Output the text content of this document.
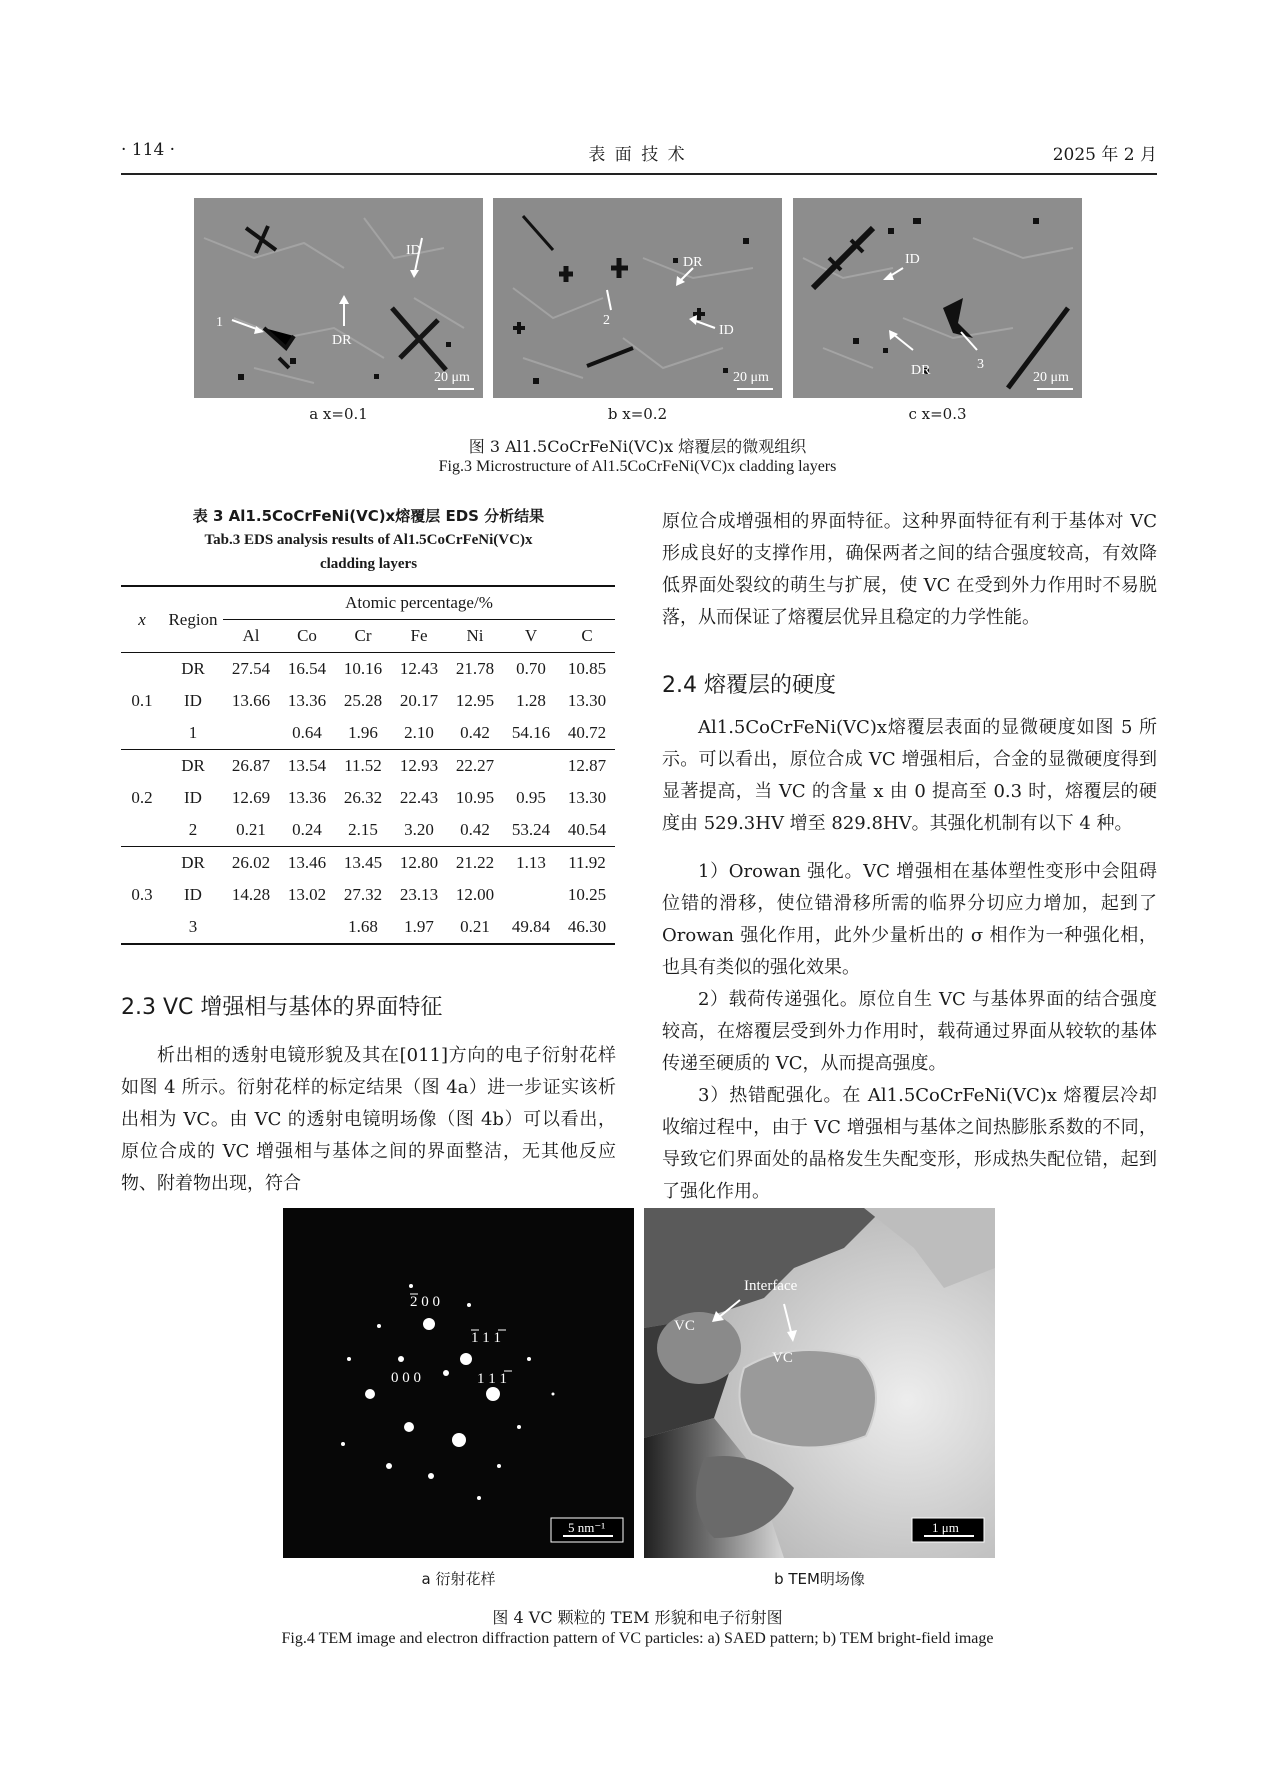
· 114 ·	表 面 技 术	2025 年 2 月
ID
1
DR
20 μm
DR
2
ID
20 μm
ID
DR	3
20 μm
a x=0.1	b x=0.2	c x=0.3
图 3 Al1.5CoCrFeNi(VC)x 熔覆层的微观组织
Fig.3 Microstructure of Al1.5CoCrFeNi(VC)x cladding layers
表 3 Al1.5CoCrFeNi(VC)x熔覆层 EDS 分析结果
Tab.3 EDS analysis results of Al1.5CoCrFeNi(VC)x
cladding layers
x	Region	Atomic percentage/%						
		Al	Co	Cr	Fe	Ni	V	C
0.1	DR	27.54	16.54	10.16	12.43	21.78	0.70	10.85
	ID	13.66	13.36	25.28	20.17	12.95	1.28	13.30
	1		0.64	1.96	2.10	0.42	54.16	40.72
0.2	DR	26.87	13.54	11.52	12.93	22.27		12.87
	ID	12.69	13.36	26.32	22.43	10.95	0.95	13.30
	2	0.21	0.24	2.15	3.20	0.42	53.24	40.54
0.3	DR	26.02	13.46	13.45	12.80	21.22	1.13	11.92
	ID	14.28	13.02	27.32	23.13	12.00		10.25
	3			1.68	1.97	0.21	49.84	46.30
2.3 VC 增强相与基体的界面特征
析出相的透射电镜形貌及其在[011]方向的电子衍射花样如图 4 所示。衍射花样的标定结果（图 4a）进一步证实该析出相为 VC。由 VC 的透射电镜明场像（图 4b）可以看出，原位合成的 VC 增强相与基体之间的界面整洁，无其他反应物、附着物出现，符合
原位合成增强相的界面特征。这种界面特征有利于基体对 VC 形成良好的支撑作用，确保两者之间的结合强度较高，有效降低界面处裂纹的萌生与扩展，使 VC 在受到外力作用时不易脱落，从而保证了熔覆层优异且稳定的力学性能。
2.4 熔覆层的硬度
Al1.5CoCrFeNi(VC)x熔覆层表面的显微硬度如图 5 所示。可以看出，原位合成 VC 增强相后，合金的显微硬度得到显著提高，当 VC 的含量 x 由 0 提高至 0.3 时，熔覆层的硬度由 529.3HV 增至 829.8HV。其强化机制有以下 4 种。
1）Orowan 强化。VC 增强相在基体塑性变形中会阻碍位错的滑移，使位错滑移所需的临界分切应力增加，起到了 Orowan 强化作用，此外少量析出的 σ 相作为一种强化相，也具有类似的强化效果。
2）载荷传递强化。原位自生 VC 与基体界面的结合强度较高，在熔覆层受到外力作用时，载荷通过界面从较软的基体传递至硬质的 VC，从而提高强度。
3）热错配强化。在 Al1.5CoCrFeNi(VC)x 熔覆层冷却收缩过程中，由于 VC 增强相与基体之间热膨胀系数的不同，导致它们界面处的晶格发生失配变形，形成热失配位错，起到了强化作用。
2 0 0
1 1 1
0 0 0	1 1 1
5 nm⁻¹
Interface
VC
VC
1 μm
a 衍射花样	b TEM明场像
图 4 VC 颗粒的 TEM 形貌和电子衍射图
Fig.4 TEM image and electron diffraction pattern of VC particles: a) SAED pattern; b) TEM bright-field image
